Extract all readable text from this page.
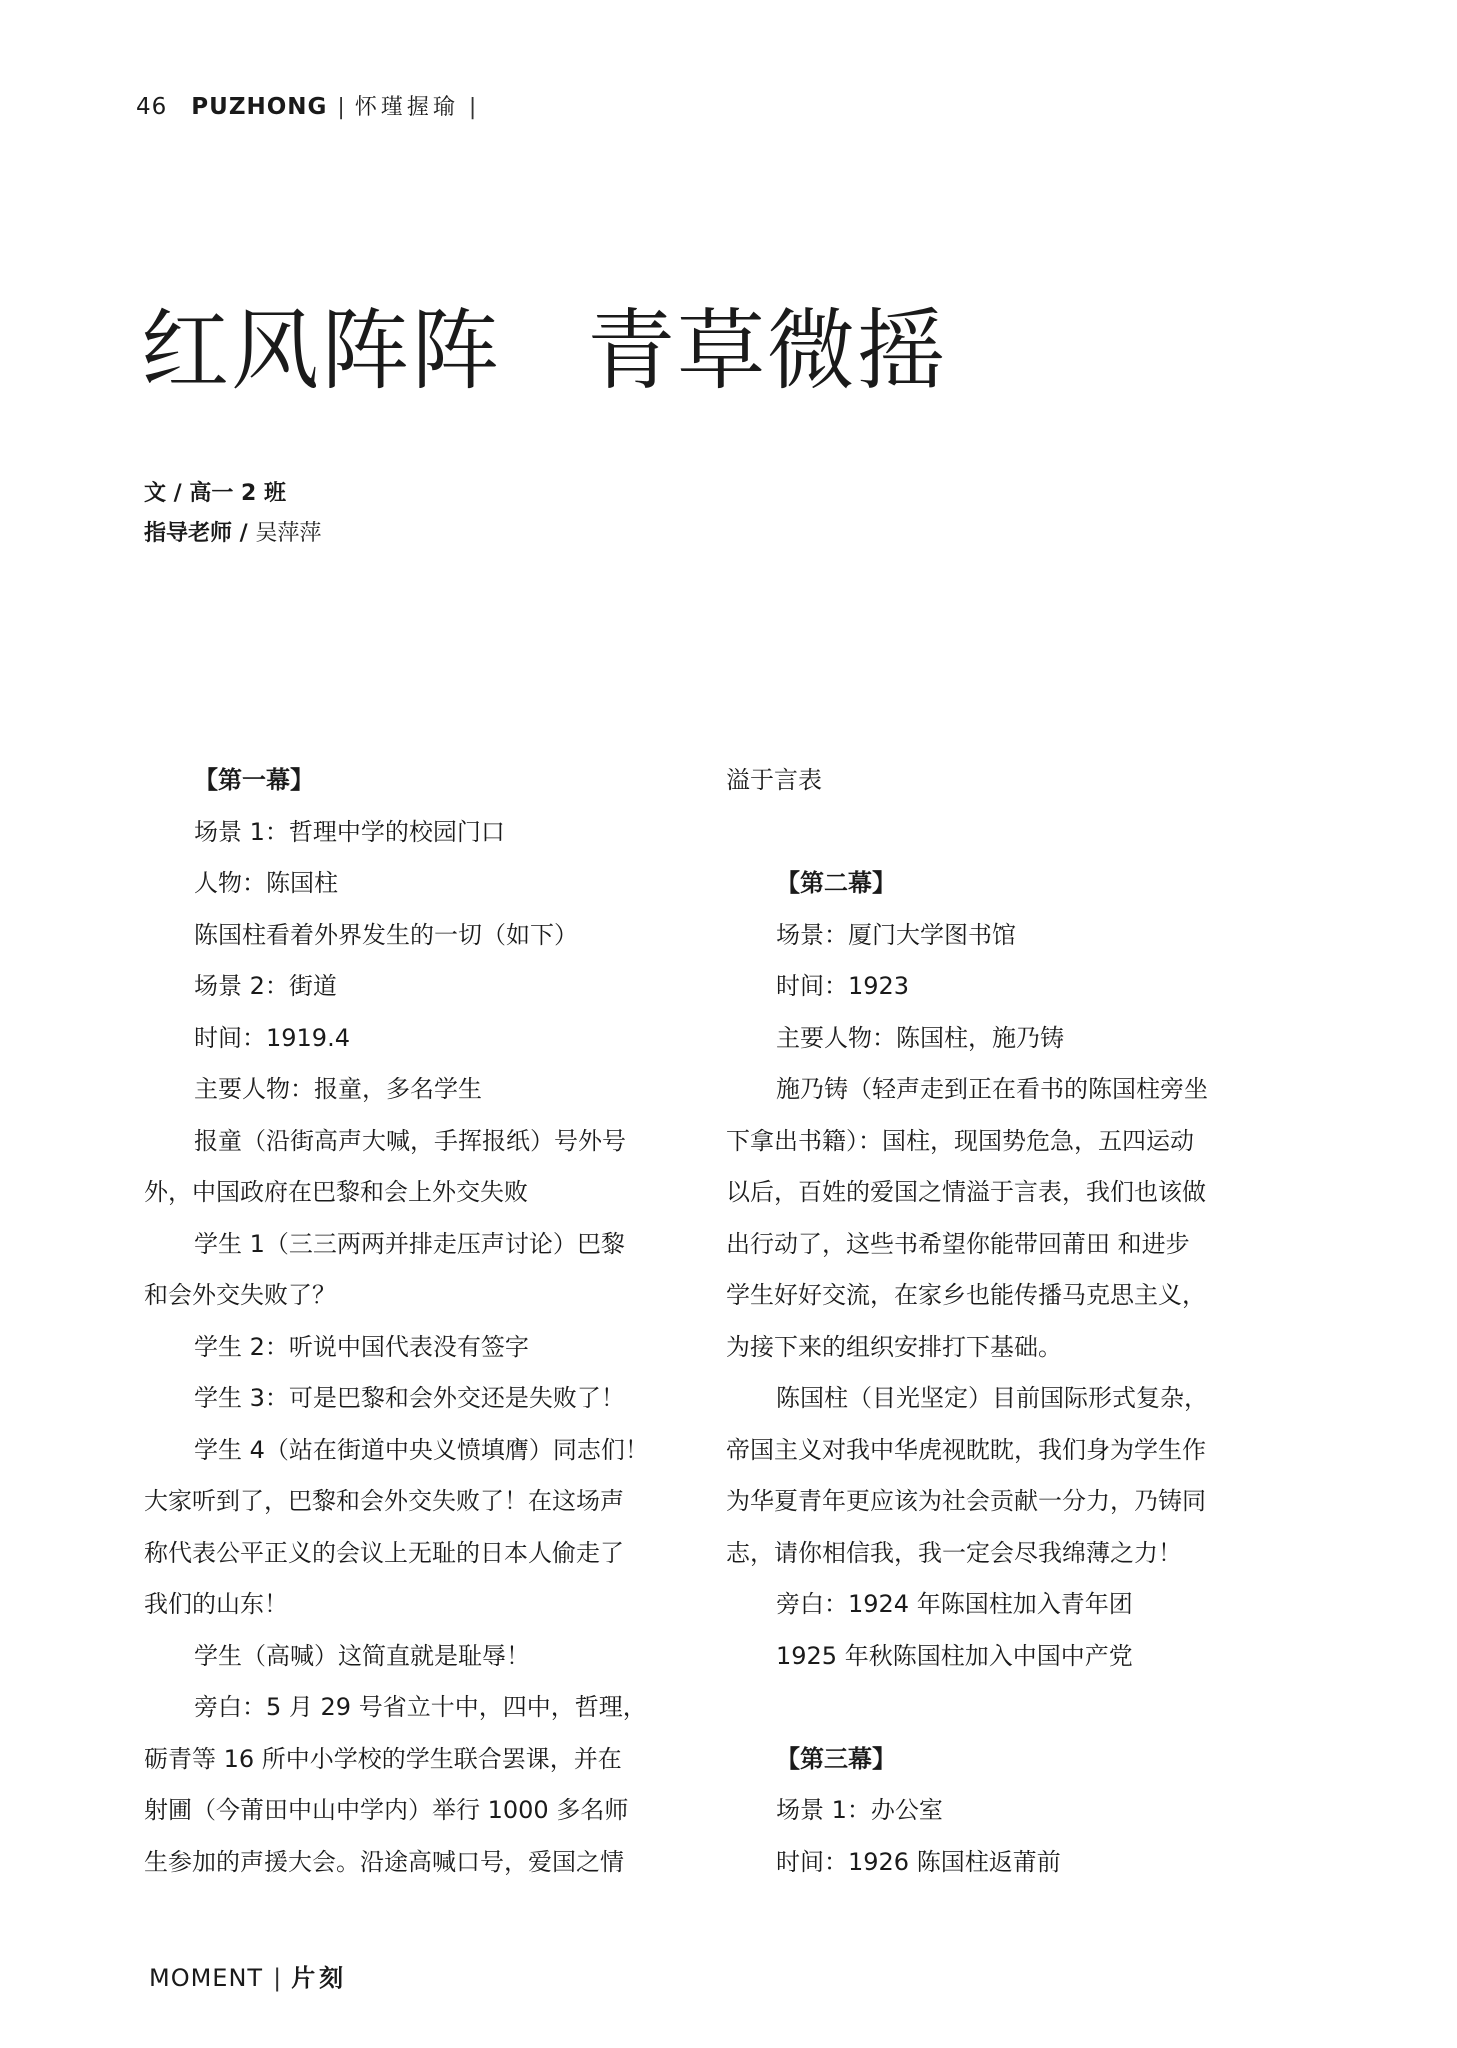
46 PUZHONG | 怀瑾握瑜 |
红风阵阵 青草微摇
文 / 高一 2 班
指导老师 / 吴萍萍
【第一幕】
场景 1：哲理中学的校园门口
人物：陈国柱
陈国柱看着外界发生的一切（如下）
场景 2：街道
时间：1919.4
主要人物：报童，多名学生
报童（沿街高声大喊，手挥报纸）号外号
外，中国政府在巴黎和会上外交失败
学生 1（三三两两并排走压声讨论）巴黎
和会外交失败了？
学生 2：听说中国代表没有签字
学生 3：可是巴黎和会外交还是失败了！
学生 4（站在街道中央义愤填膺）同志们！
大家听到了，巴黎和会外交失败了！在这场声
称代表公平正义的会议上无耻的日本人偷走了
我们的山东！
学生（高喊）这简直就是耻辱！
旁白：5 月 29 号省立十中，四中，哲理，
砺青等 16 所中小学校的学生联合罢课，并在
射圃（今莆田中山中学内）举行 1000 多名师
生参加的声援大会。沿途高喊口号，爱国之情
溢于言表
【第二幕】
场景：厦门大学图书馆
时间：1923
主要人物：陈国柱，施乃铸
施乃铸（轻声走到正在看书的陈国柱旁坐
下拿出书籍）：国柱，现国势危急，五四运动
以后，百姓的爱国之情溢于言表，我们也该做
出行动了，这些书希望你能带回莆田 和进步
学生好好交流，在家乡也能传播马克思主义，
为接下来的组织安排打下基础。
陈国柱（目光坚定）目前国际形式复杂，
帝国主义对我中华虎视眈眈，我们身为学生作
为华夏青年更应该为社会贡献一分力，乃铸同
志，请你相信我，我一定会尽我绵薄之力！
旁白：1924 年陈国柱加入青年团
1925 年秋陈国柱加入中国中产党
【第三幕】
场景 1：办公室
时间：1926 陈国柱返莆前
MOMENT | 片刻
